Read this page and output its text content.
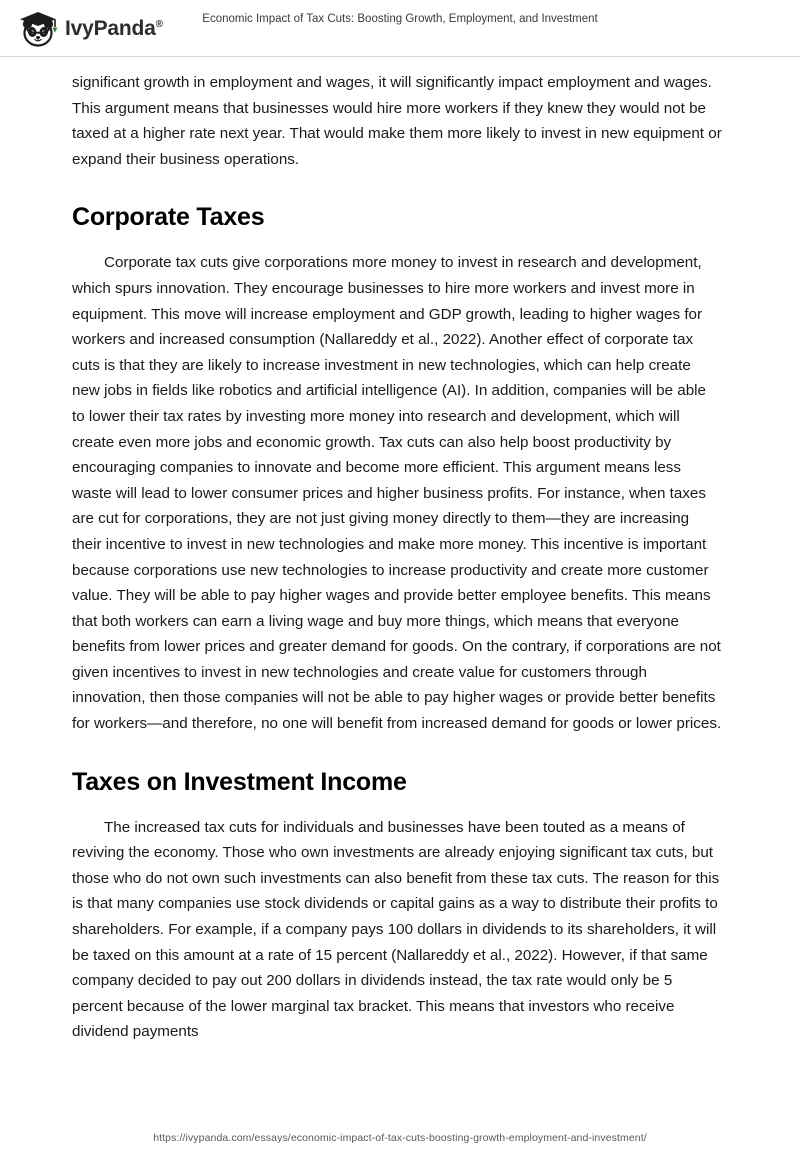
IvyPanda®	Economic Impact of Tax Cuts: Boosting Growth, Employment, and Investment

significant growth in employment and wages, it will significantly impact employment and wages. This argument means that businesses would hire more workers if they knew they would not be taxed at a higher rate next year. That would make them more likely to invest in new equipment or expand their business operations.

Corporate Taxes

Corporate tax cuts give corporations more money to invest in research and development, which spurs innovation. They encourage businesses to hire more workers and invest more in equipment. This move will increase employment and GDP growth, leading to higher wages for workers and increased consumption (Nallareddy et al., 2022). Another effect of corporate tax cuts is that they are likely to increase investment in new technologies, which can help create new jobs in fields like robotics and artificial intelligence (AI). In addition, companies will be able to lower their tax rates by investing more money into research and development, which will create even more jobs and economic growth. Tax cuts can also help boost productivity by encouraging companies to innovate and become more efficient. This argument means less waste will lead to lower consumer prices and higher business profits. For instance, when taxes are cut for corporations, they are not just giving money directly to them—they are increasing their incentive to invest in new technologies and make more money. This incentive is important because corporations use new technologies to increase productivity and create more customer value. They will be able to pay higher wages and provide better employee benefits. This means that both workers can earn a living wage and buy more things, which means that everyone benefits from lower prices and greater demand for goods. On the contrary, if corporations are not given incentives to invest in new technologies and create value for customers through innovation, then those companies will not be able to pay higher wages or provide better benefits for workers—and therefore, no one will benefit from increased demand for goods or lower prices.

Taxes on Investment Income

The increased tax cuts for individuals and businesses have been touted as a means of reviving the economy. Those who own investments are already enjoying significant tax cuts, but those who do not own such investments can also benefit from these tax cuts. The reason for this is that many companies use stock dividends or capital gains as a way to distribute their profits to shareholders. For example, if a company pays 100 dollars in dividends to its shareholders, it will be taxed on this amount at a rate of 15 percent (Nallareddy et al., 2022). However, if that same company decided to pay out 200 dollars in dividends instead, the tax rate would only be 5 percent because of the lower marginal tax bracket. This means that investors who receive dividend payments

https://ivypanda.com/essays/economic-impact-of-tax-cuts-boosting-growth-employment-and-investment/
